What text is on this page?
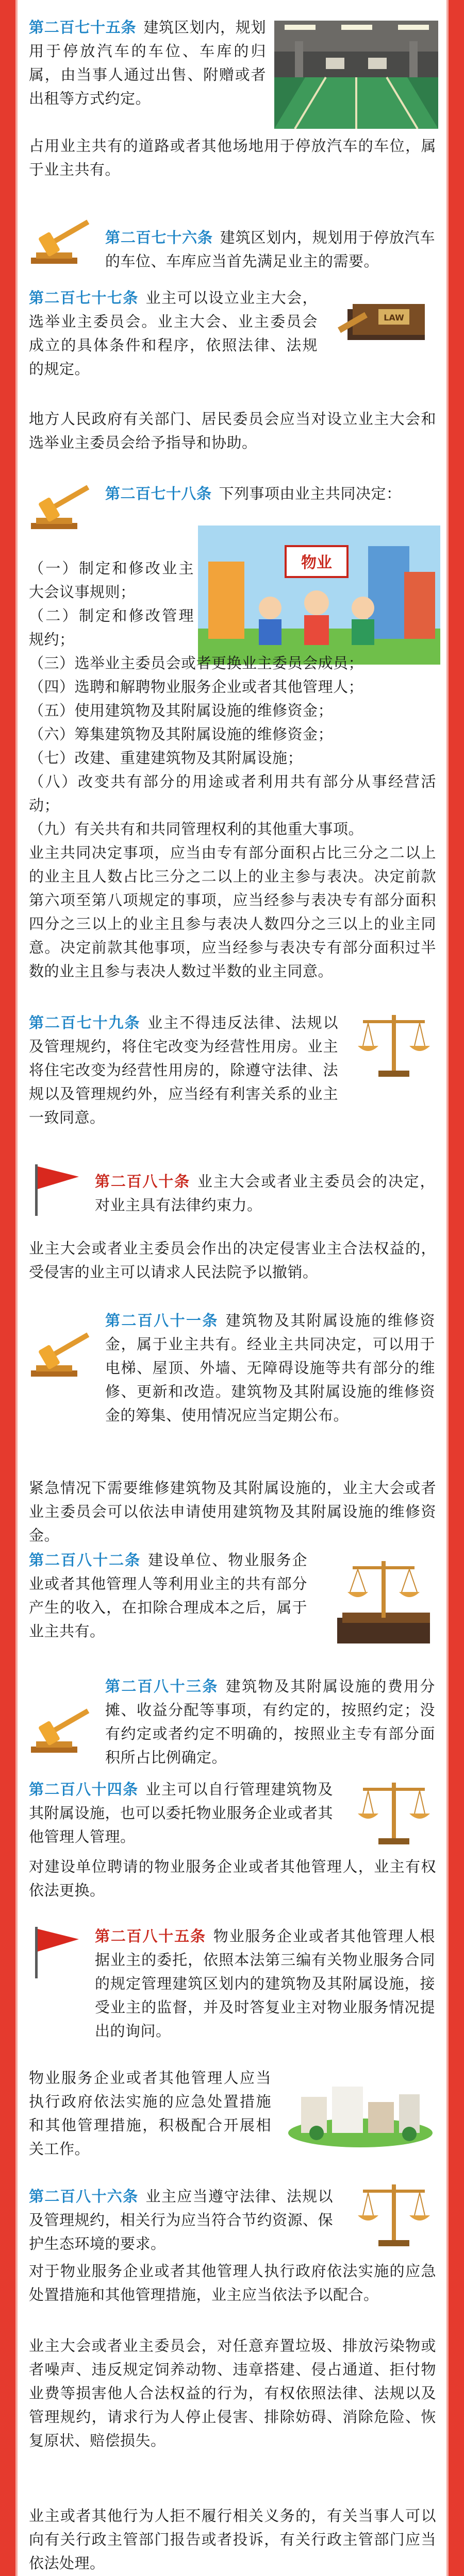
第二百七十五条 建筑区划内，规划用于停放汽车的车位、车库的归属，由当事人通过出售、附赠或者出租等方式约定。
占用业主共有的道路或者其他场地用于停放汽车的车位，属于业主共有。
第二百七十六条 建筑区划内，规划用于停放汽车的车位、车库应当首先满足业主的需要。
第二百七十七条 业主可以设立业主大会，选举业主委员会。业主大会、业主委员会成立的具体条件和程序，依照法律、法规的规定。
LAW
地方人民政府有关部门、居民委员会应当对设立业主大会和选举业主委员会给予指导和协助。
第二百七十八条 下列事项由业主共同决定：
物业
（一）制定和修改业主大会议事规则；
（二）制定和修改管理规约；
（三）选举业主委员会或者更换业主委员会成员；
（四）选聘和解聘物业服务企业或者其他管理人；
（五）使用建筑物及其附属设施的维修资金；
（六）筹集建筑物及其附属设施的维修资金；
（七）改建、重建建筑物及其附属设施；
（八）改变共有部分的用途或者利用共有部分从事经营活动；
（九）有关共有和共同管理权利的其他重大事项。
业主共同决定事项，应当由专有部分面积占比三分之二以上的业主且人数占比三分之二以上的业主参与表决。决定前款第六项至第八项规定的事项，应当经参与表决专有部分面积四分之三以上的业主且参与表决人数四分之三以上的业主同意。决定前款其他事项，应当经参与表决专有部分面积过半数的业主且参与表决人数过半数的业主同意。
第二百七十九条 业主不得违反法律、法规以及管理规约，将住宅改变为经营性用房。业主将住宅改变为经营性用房的，除遵守法律、法规以及管理规约外，应当经有利害关系的业主一致同意。
第二百八十条 业主大会或者业主委员会的决定，对业主具有法律约束力。
业主大会或者业主委员会作出的决定侵害业主合法权益的，受侵害的业主可以请求人民法院予以撤销。
第二百八十一条 建筑物及其附属设施的维修资金，属于业主共有。经业主共同决定，可以用于电梯、屋顶、外墙、无障碍设施等共有部分的维修、更新和改造。建筑物及其附属设施的维修资金的筹集、使用情况应当定期公布。
紧急情况下需要维修建筑物及其附属设施的，业主大会或者业主委员会可以依法申请使用建筑物及其附属设施的维修资金。
第二百八十二条 建设单位、物业服务企业或者其他管理人等利用业主的共有部分产生的收入，在扣除合理成本之后，属于业主共有。
第二百八十三条 建筑物及其附属设施的费用分摊、收益分配等事项，有约定的，按照约定；没有约定或者约定不明确的，按照业主专有部分面积所占比例确定。
第二百八十四条 业主可以自行管理建筑物及其附属设施，也可以委托物业服务企业或者其他管理人管理。
对建设单位聘请的物业服务企业或者其他管理人，业主有权依法更换。
第二百八十五条 物业服务企业或者其他管理人根据业主的委托，依照本法第三编有关物业服务合同的规定管理建筑区划内的建筑物及其附属设施，接受业主的监督，并及时答复业主对物业服务情况提出的询问。
物业服务企业或者其他管理人应当执行政府依法实施的应急处置措施和其他管理措施，积极配合开展相关工作。
第二百八十六条 业主应当遵守法律、法规以及管理规约，相关行为应当符合节约资源、保护生态环境的要求。
对于物业服务企业或者其他管理人执行政府依法实施的应急处置措施和其他管理措施，业主应当依法予以配合。
业主大会或者业主委员会，对任意弃置垃圾、排放污染物或者噪声、违反规定饲养动物、违章搭建、侵占通道、拒付物业费等损害他人合法权益的行为，有权依照法律、法规以及管理规约，请求行为人停止侵害、排除妨碍、消除危险、恢复原状、赔偿损失。
业主或者其他行为人拒不履行相关义务的，有关当事人可以向有关行政主管部门报告或者投诉，有关行政主管部门应当依法处理。
